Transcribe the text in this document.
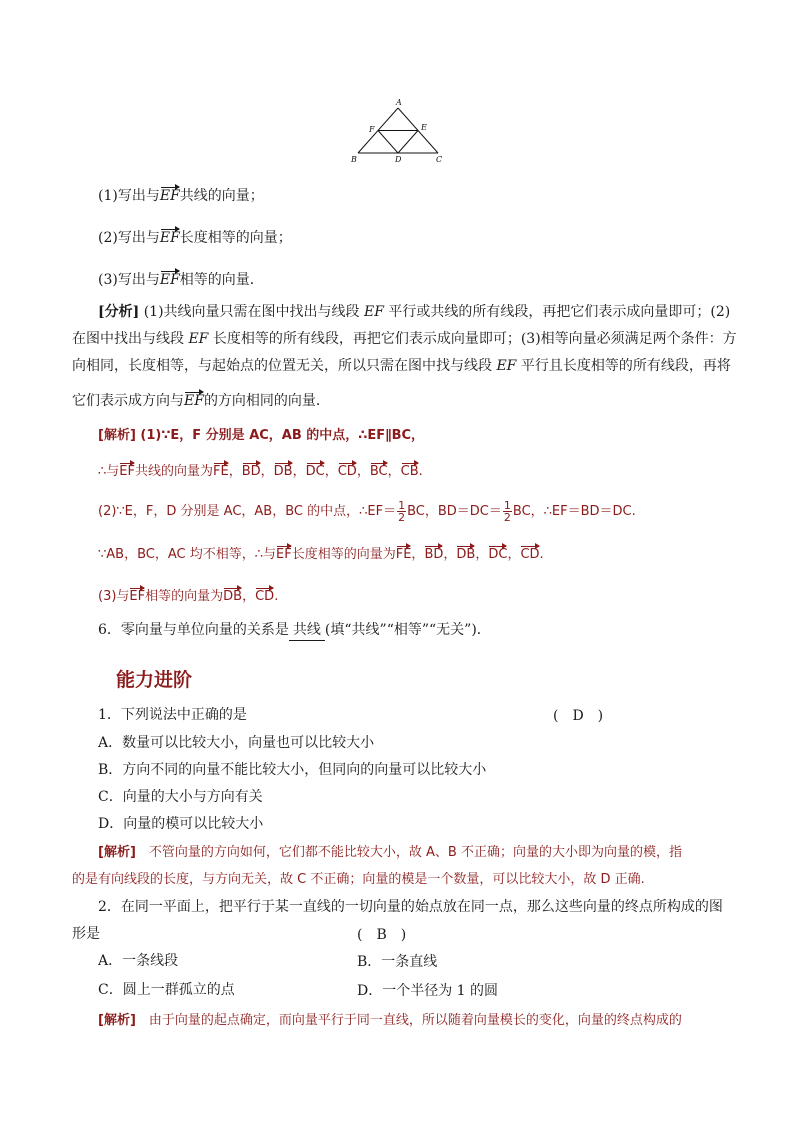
A
B	C
D
E
F
(1)写出与EF共线的向量；
(2)写出与EF长度相等的向量；
(3)写出与EF相等的向量．
[分析] (1)共线向量只需在图中找出与线段 EF 平行或共线的所有线段，再把它们表示成向量即可；(2)
在图中找出与线段 EF 长度相等的所有线段，再把它们表示成向量即可；(3)相等向量必须满足两个条件：方
向相同，长度相等，与起始点的位置无关，所以只需在图中找与线段 EF 平行且长度相等的所有线段，再将
它们表示成方向与EF的方向相同的向量．
[解析] (1)∵E，F 分别是 AC，AB 的中点，∴EF∥BC，
∴与EF共线的向量为FE，BD，DB，DC，CD，BC，CB.
(2)∵E，F，D 分别是 AC，AB，BC 的中点，∴EF＝ $\frac{1}{2}$ BC，$BD=DC= \frac{1}{2}$ BC，∴EF＝BD＝DC.
∵AB，BC，AC 均不相等，∴与EF长度相等的向量为FE，BD，DB，DC，CD.
(3)与EF相等的向量为DB，CD.
6．零向量与单位向量的关系是 共线 (填“共线”“相等”“无关”)．
能力进阶
1．下列说法中正确的是	(　D　)
A．数量可以比较大小，向量也可以比较大小
B．方向不同的向量不能比较大小，但同向的向量可以比较大小
C．向量的大小与方向有关
D．向量的模可以比较大小
[解析]　不管向量的方向如何，它们都不能比较大小，故 A、B 不正确；向量的大小即为向量的模，指
的是有向线段的长度，与方向无关，故 C 不正确；向量的模是一个数量，可以比较大小，故 D 正确.
2．在同一平面上，把平行于某一直线的一切向量的始点放在同一点，那么这些向量的终点所构成的图
形是	(　B　)
A．一条线段	B．一条直线
C．圆上一群孤立的点	D．一个半径为 1 的圆
[解析]　由于向量的起点确定，而向量平行于同一直线，所以随着向量模长的变化，向量的终点构成的
